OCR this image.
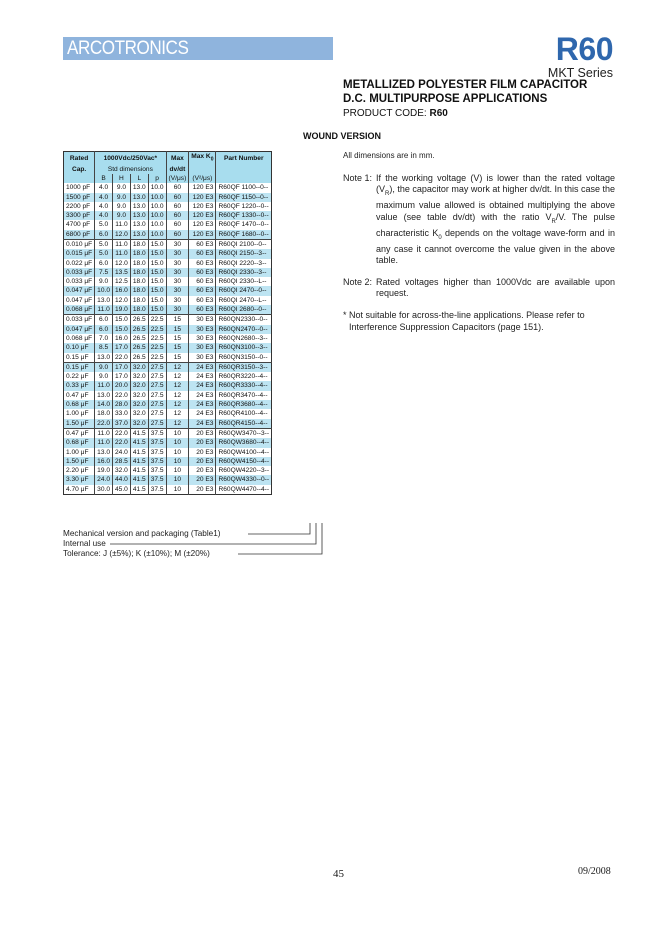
ARCOTRONICS	R60
MKT Series
METALLIZED POLYESTER FILM CAPACITOR
D.C. MULTIPURPOSE APPLICATIONS
PRODUCT CODE: R60
WOUND VERSION
Rated	1000Vdc/250Vac*				Max	Max $K_0$	Part Number
Cap.	Std dimensions				dv/dt		
	B	H	L	p	(V/μs)	(V²/μs)	
1000 pF	4.0	9.0	13.0	10.0	60	120 E3	R60QF 1100--0--
1500 pF	4.0	9.0	13.0	10.0	60	120 E3	R60QF 1150--0--
2200 pF	4.0	9.0	13.0	10.0	60	120 E3	R60QF 1220--0--
3300 pF	4.0	9.0	13.0	10.0	60	120 E3	R60QF 1330--0--
4700 pF	5.0	11.0	13.0	10.0	60	120 E3	R60QF 1470--0--
6800 pF	6.0	12.0	13.0	10.0	60	120 E3	R60QF 1680--0--
0.010 μF	5.0	11.0	18.0	15.0	30	60 E3	R60QI 2100--0--
0.015 μF	5.0	11.0	18.0	15.0	30	60 E3	R60QI 2150--3--
0.022 μF	6.0	12.0	18.0	15.0	30	60 E3	R60QI 2220--3--
0.033 μF	7.5	13.5	18.0	15.0	30	60 E3	R60QI 2330--3--
0.033 μF	9.0	12.5	18.0	15.0	30	60 E3	R60QI 2330--L--
0.047 μF	10.0	16.0	18.0	15.0	30	60 E3	R60QI 2470--0--
0.047 μF	13.0	12.0	18.0	15.0	30	60 E3	R60QI 2470--L--
0.068 μF	11.0	19.0	18.0	15.0	30	60 E3	R60QI 2680--0--
0.033 μF	6.0	15.0	26.5	22.5	15	30 E3	R60QN2330--0--
0.047 μF	6.0	15.0	26.5	22.5	15	30 E3	R60QN2470--0--
0.068 μF	7.0	16.0	26.5	22.5	15	30 E3	R60QN2680--3--
0.10 μF	8.5	17.0	26.5	22.5	15	30 E3	R60QN3100--3--
0.15 μF	13.0	22.0	26.5	22.5	15	30 E3	R60QN3150--0--
0.15 μF	9.0	17.0	32.0	27.5	12	24 E3	R60QR3150--3--
0.22 μF	9.0	17.0	32.0	27.5	12	24 E3	R60QR3220--4--
0.33 μF	11.0	20.0	32.0	27.5	12	24 E3	R60QR3330--4--
0.47 μF	13.0	22.0	32.0	27.5	12	24 E3	R60QR3470--4--
0.68 μF	14.0	28.0	32.0	27.5	12	24 E3	R60QR3680--4--
1.00 μF	18.0	33.0	32.0	27.5	12	24 E3	R60QR4100--4--
1.50 μF	22.0	37.0	32.0	27.5	12	24 E3	R60QR4150--4--
0.47 μF	11.0	22.0	41.5	37.5	10	20 E3	R60QW3470--3--
0.68 μF	11.0	22.0	41.5	37.5	10	20 E3	R60QW3680--4--
1.00 μF	13.0	24.0	41.5	37.5	10	20 E3	R60QW4100--4--
1.50 μF	16.0	28.5	41.5	37.5	10	20 E3	R60QW4150--4--
2.20 μF	19.0	32.0	41.5	37.5	10	20 E3	R60QW4220--3--
3.30 μF	24.0	44.0	41.5	37.5	10	20 E3	R60QW4330--0--
4.70 μF	30.0	45.0	41.5	37.5	10	20 E3	R60QW4470--4--

All dimensions are in mm.

Note 1: If the working voltage (V) is lower than the rated voltage $(V_R)$, the capacitor may work at higher dv/dt. In this case the maximum value allowed is obtained multiplying the above value (see table dv/dt) with the ratio $V_R/V$. The pulse characteristic $K_0$ depends on the voltage wave-form and in any case it cannot overcome the value given in the above table.

Note 2: Rated voltages higher than 1000Vdc are available upon request.

* Not suitable for across-the-line applications. Please refer to Interference Suppression Capacitors (page 151).

Mechanical version and packaging (Table1)
Internal use
Tolerance: J (±5%); K (±10%); M (±20%)
45	09/2008
